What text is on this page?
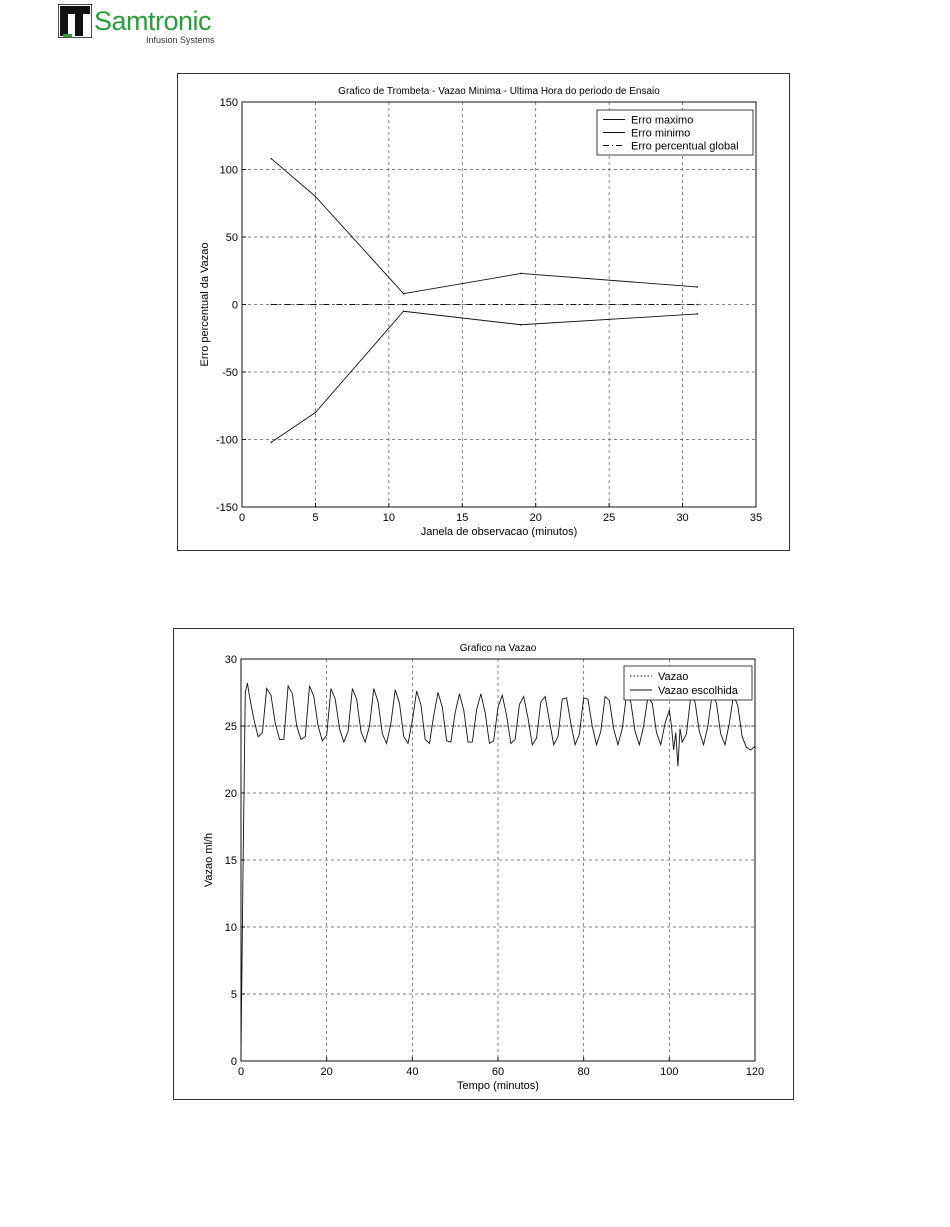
Samtronic
Infusion Systems
0	5	10	15	20	25	30	35
-150
-100
-50
0
50
100
150
Grafico de Trombeta - Vazao Minima - Ultima Hora do periodo de Ensaio
Janela de observacao (minutos)
Erro percentual da Vazao
Erro maximo
Erro minimo
Erro percentual global
0	20	40	60	80	100	120
0
5
10
15
20
25
30
Grafico na Vazao
Tempo (minutos)
Vazao ml/h
Vazao
Vazao escolhida
